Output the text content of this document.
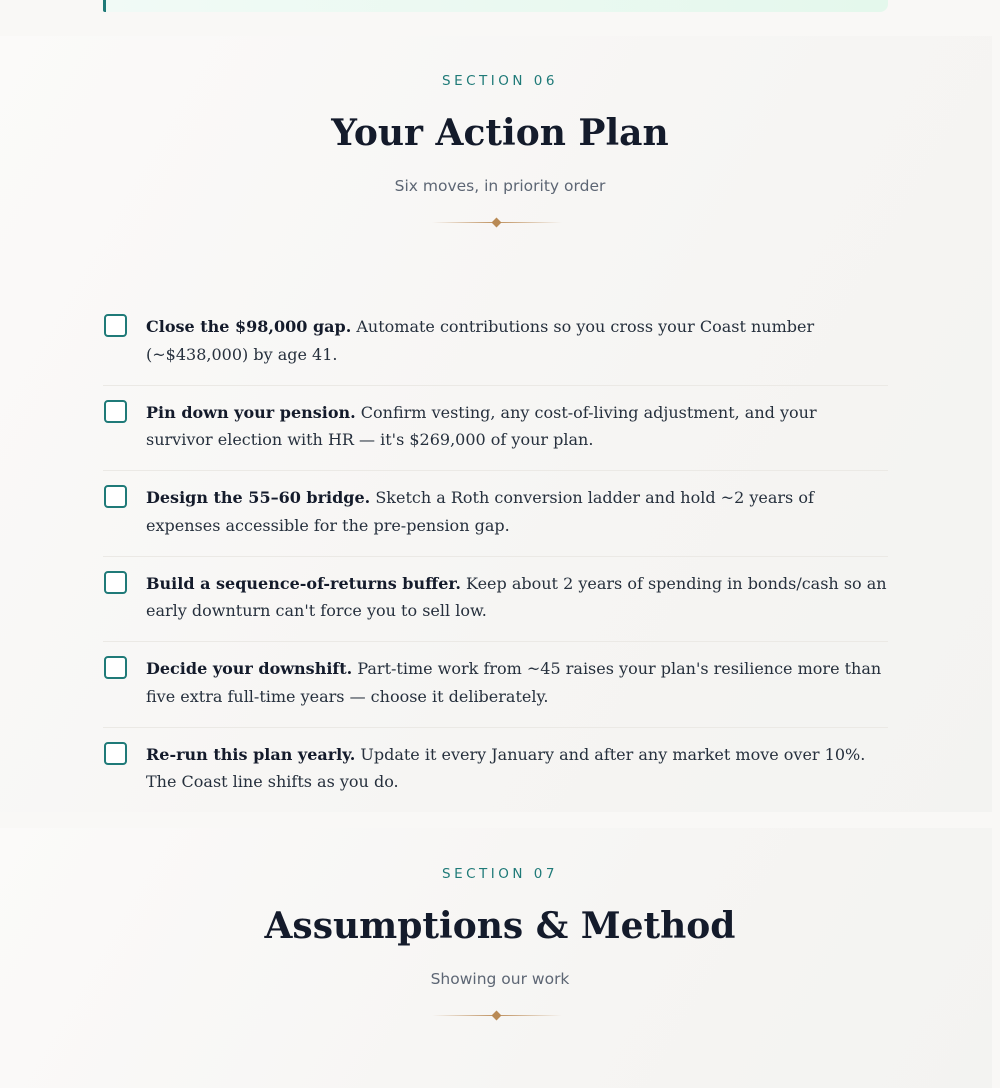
SECTION 06
Your Action Plan
Six moves, in priority order

Close the $98,000 gap. Automate contributions so you cross your Coast number (~$438,000) by age 41.

Pin down your pension. Confirm vesting, any cost-of-living adjustment, and your survivor election with HR — it's $269,000 of your plan.

Design the 55–60 bridge. Sketch a Roth conversion ladder and hold ~2 years of expenses accessible for the pre-pension gap.

Build a sequence-of-returns buffer. Keep about 2 years of spending in bonds/cash so an early downturn can't force you to sell low.

Decide your downshift. Part-time work from ~45 raises your plan's resilience more than five extra full-time years — choose it deliberately.

Re-run this plan yearly. Update it every January and after any market move over 10%. The Coast line shifts as you do.

SECTION 07
Assumptions & Method
Showing our work
